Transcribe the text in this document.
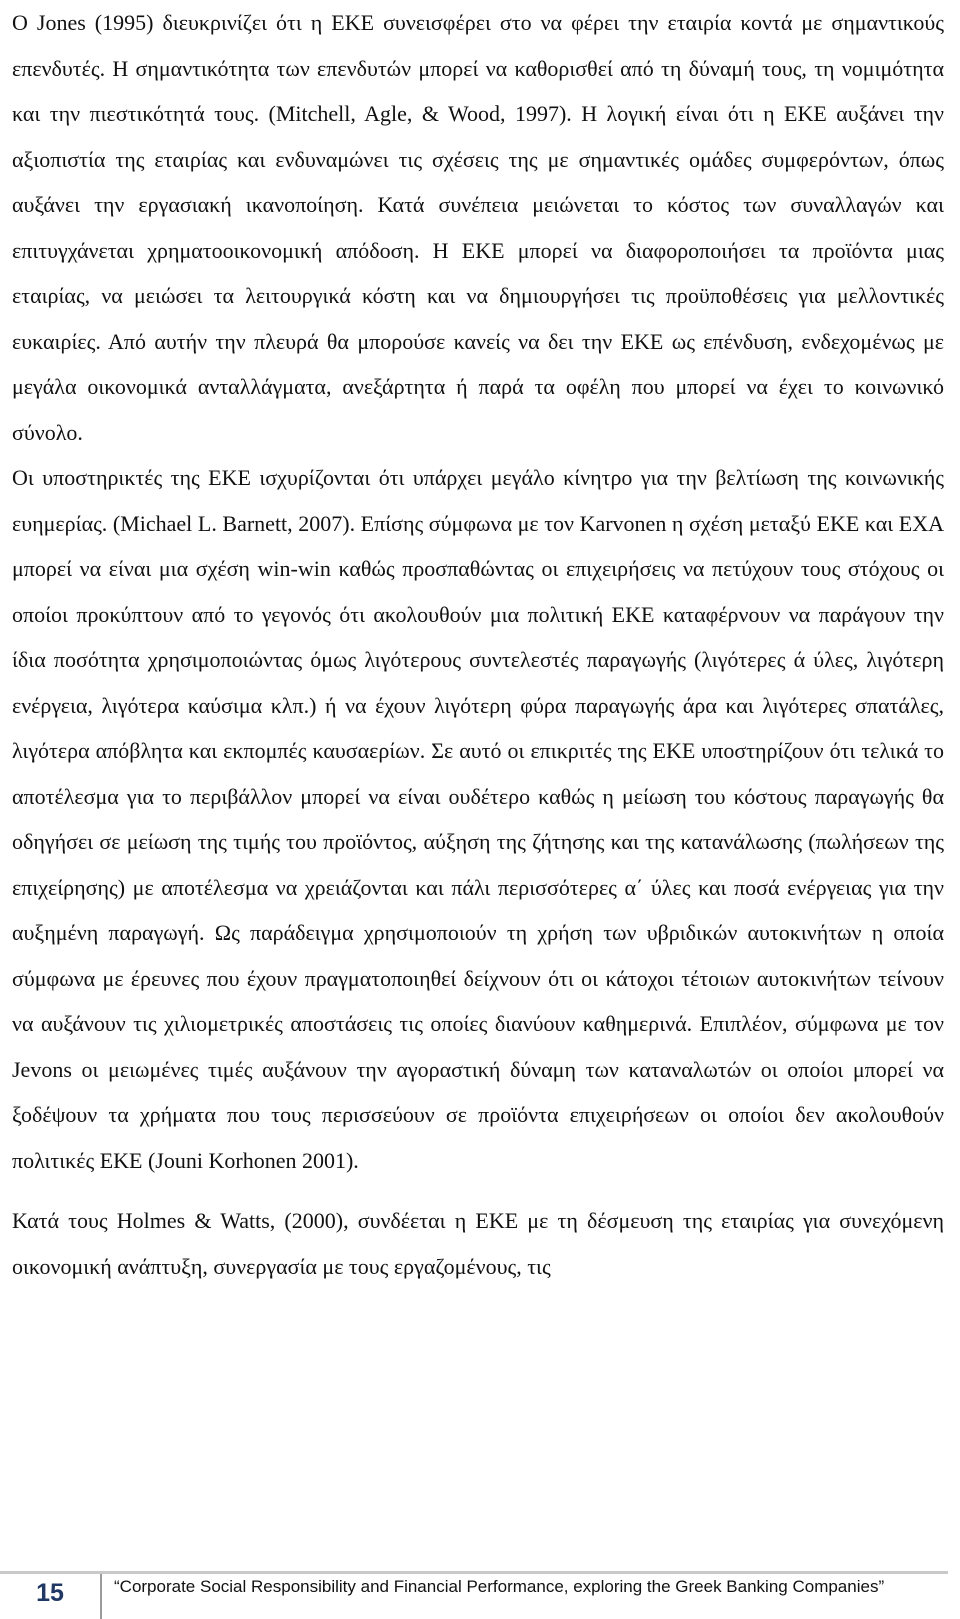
O Jones (1995) διευκρινίζει ότι η ΕΚΕ συνεισφέρει στο να φέρει την εταιρία κοντά με σημαντικούς επενδυτές. Η σημαντικότητα των επενδυτών μπορεί να καθορισθεί από τη δύναμή τους, τη νομιμότητα και την πιεστικότητά τους. (Mitchell, Agle, & Wood, 1997). Η λογική είναι ότι η ΕΚΕ αυξάνει την αξιοπιστία της εταιρίας και ενδυναμώνει τις σχέσεις της με σημαντικές ομάδες συμφερόντων, όπως αυξάνει την εργασιακή ικανοποίηση. Κατά συνέπεια μειώνεται το κόστος των συναλλαγών και επιτυγχάνεται χρηματοοικονομική απόδοση. Η ΕΚΕ μπορεί να διαφοροποιήσει τα προϊόντα μιας εταιρίας, να μειώσει τα λειτουργικά κόστη και να δημιουργήσει τις προϋποθέσεις για μελλοντικές ευκαιρίες. Από αυτήν την πλευρά θα μπορούσε κανείς να δει την ΕΚΕ ως επένδυση, ενδεχομένως με μεγάλα οικονομικά ανταλλάγματα, ανεξάρτητα ή παρά τα οφέλη που μπορεί να έχει το κοινωνικό σύνολο.

Οι υποστηρικτές της ΕΚΕ ισχυρίζονται ότι υπάρχει μεγάλο κίνητρο για την βελτίωση της κοινωνικής ευημερίας. (Michael L. Barnett, 2007). Επίσης σύμφωνα με τον Karvonen η σχέση μεταξύ ΕΚΕ και ΕΧΑ μπορεί να είναι μια σχέση win-win καθώς προσπαθώντας οι επιχειρήσεις να πετύχουν τους στόχους οι οποίοι προκύπτουν από το γεγονός ότι ακολουθούν μια πολιτική ΕΚΕ καταφέρνουν να παράγουν την ίδια ποσότητα χρησιμοποιώντας όμως λιγότερους συντελεστές παραγωγής (λιγότερες ά ύλες, λιγότερη ενέργεια, λιγότερα καύσιμα κλπ.) ή να έχουν λιγότερη φύρα παραγωγής άρα και λιγότερες σπατάλες, λιγότερα απόβλητα και εκπομπές καυσαερίων. Σε αυτό οι επικριτές της ΕΚΕ υποστηρίζουν ότι τελικά το αποτέλεσμα για το περιβάλλον μπορεί να είναι ουδέτερο καθώς η μείωση του κόστους παραγωγής θα οδηγήσει σε μείωση της τιμής του προϊόντος, αύξηση της ζήτησης και της κατανάλωσης (πωλήσεων της επιχείρησης) με αποτέλεσμα να χρειάζονται και πάλι περισσότερες α΄ ύλες και ποσά ενέργειας για την αυξημένη παραγωγή. Ως παράδειγμα χρησιμοποιούν τη χρήση των υβριδικών αυτοκινήτων η οποία σύμφωνα με έρευνες που έχουν πραγματοποιηθεί δείχνουν ότι οι κάτοχοι τέτοιων αυτοκινήτων τείνουν να αυξάνουν τις χιλιομετρικές αποστάσεις τις οποίες διανύουν καθημερινά. Επιπλέον, σύμφωνα με τον Jevons οι μειωμένες τιμές αυξάνουν την αγοραστική δύναμη των καταναλωτών οι οποίοι μπορεί να ξοδέψουν τα χρήματα που τους περισσεύουν σε προϊόντα επιχειρήσεων οι οποίοι δεν ακολουθούν πολιτικές ΕΚΕ (Jouni Korhonen 2001).

Κατά τους Holmes & Watts, (2000), συνδέεται η ΕΚΕ με τη δέσμευση της εταιρίας για συνεχόμενη οικονομική ανάπτυξη, συνεργασία με τους εργαζομένους, τις

15	“Corporate Social Responsibility and Financial Performance, exploring the Greek Banking Companies”
